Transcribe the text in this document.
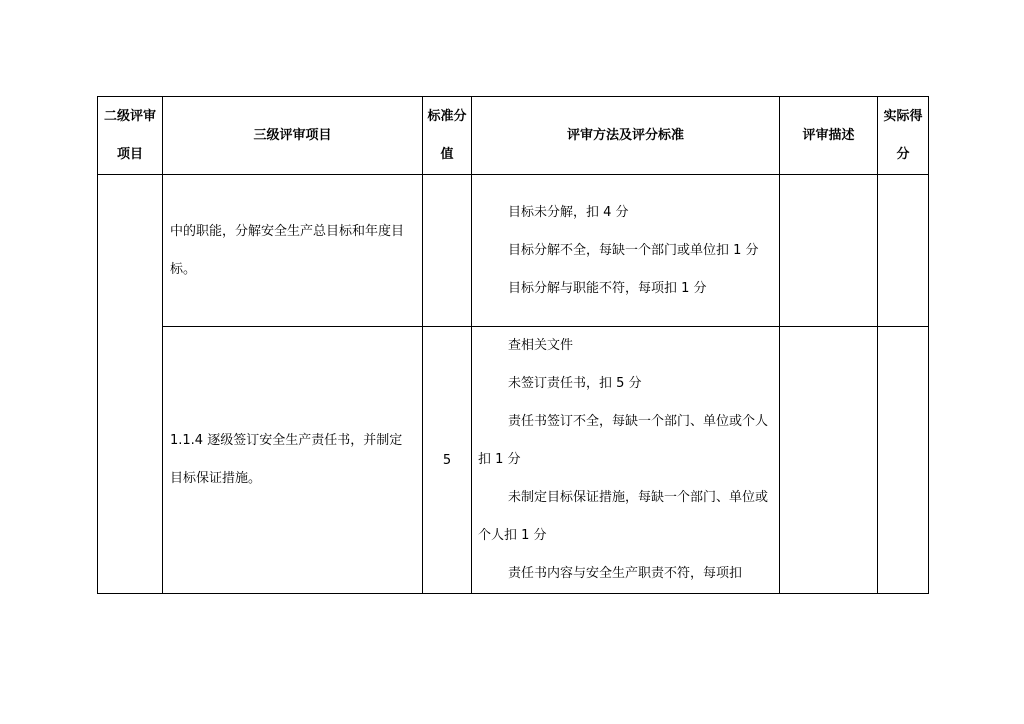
二级评审项目	三级评审项目	标准分值	评审方法及评分标准	评审描述	实际得分
	中的职能，分解安全生产总目标和年度目标。		目标未分解，扣 4 分
目标分解不全，每缺一个部门或单位扣 1 分
目标分解与职能不符，每项扣 1 分		

	1.1.4 逐级签订安全生产责任书，并制定目标保证措施。	5	查相关文件
未签订责任书，扣 5 分
责任书签订不全，每缺一个部门、单位或个人扣 1 分
未制定目标保证措施，每缺一个部门、单位或个人扣 1 分
责任书内容与安全生产职责不符，每项扣		
